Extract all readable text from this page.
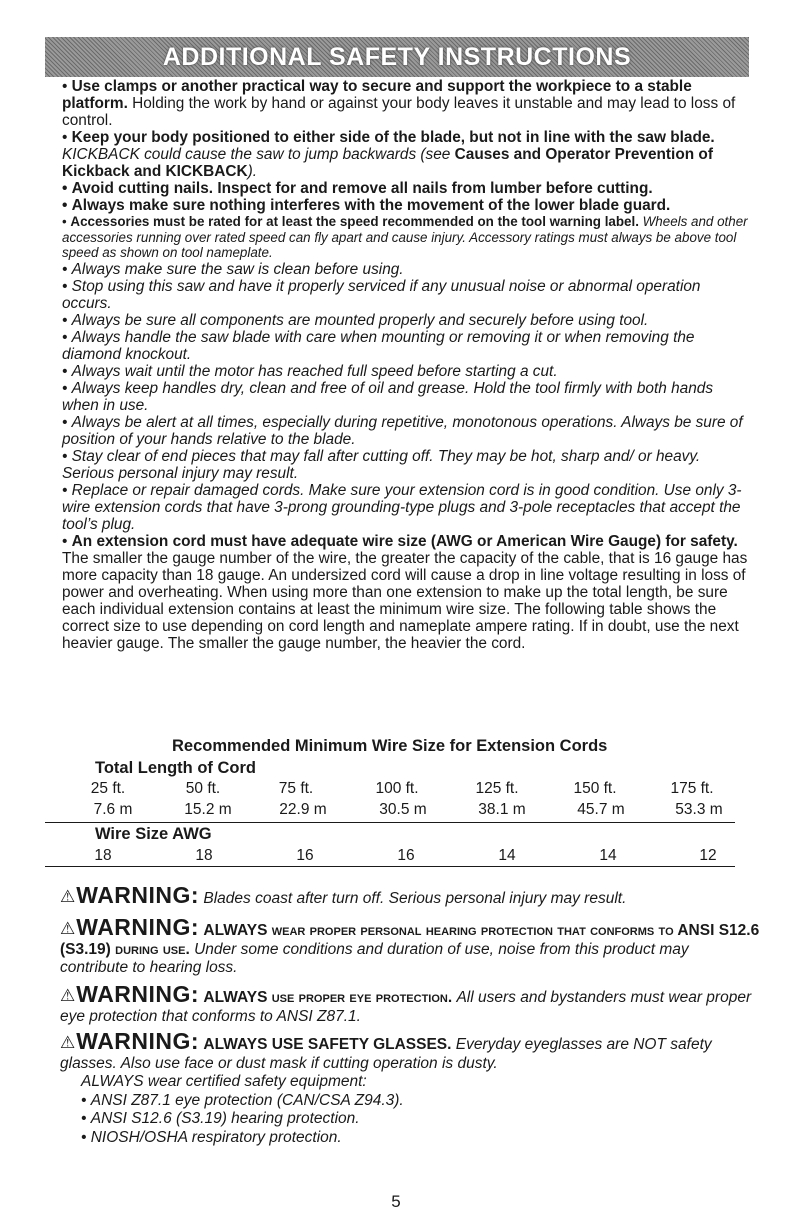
ADDITIONAL SAFETY INSTRUCTIONS

• Use clamps or another practical way to secure and support the workpiece to a stable platform. Holding the work by hand or against your body leaves it unstable and may lead to loss of control.

• Keep your body positioned to either side of the blade, but not in line with the saw blade. KICKBACK could cause the saw to jump backwards (see Causes and Operator Prevention of Kickback and KICKBACK).

• Avoid cutting nails. Inspect for and remove all nails from lumber before cutting.

• Always make sure nothing interferes with the movement of the lower blade guard.

• Accessories must be rated for at least the speed recommended on the tool warning label. Wheels and other accessories running over rated speed can fly apart and cause injury. Accessory ratings must always be above tool speed as shown on tool nameplate.

• Always make sure the saw is clean before using.

• Stop using this saw and have it properly serviced if any unusual noise or abnormal operation occurs.

• Always be sure all components are mounted properly and securely before using tool.

• Always handle the saw blade with care when mounting or removing it or when removing the diamond knockout.

• Always wait until the motor has reached full speed before starting a cut.

• Always keep handles dry, clean and free of oil and grease. Hold the tool firmly with both hands when in use.

• Always be alert at all times, especially during repetitive, monotonous operations. Always be sure of position of your hands relative to the blade.

• Stay clear of end pieces that may fall after cutting off. They may be hot, sharp and/ or heavy. Serious personal injury may result.

• Replace or repair damaged cords. Make sure your extension cord is in good condition. Use only 3-wire extension cords that have 3-prong grounding-type plugs and 3-pole receptacles that accept the tool’s plug.

• An extension cord must have adequate wire size (AWG or American Wire Gauge) for safety. The smaller the gauge number of the wire, the greater the capacity of the cable, that is 16 gauge has more capacity than 18 gauge. An undersized cord will cause a drop in line voltage resulting in loss of power and overheating. When using more than one extension to make up the total length, be sure each individual extension contains at least the minimum wire size. The following table shows the correct size to use depending on cord length and nameplate ampere rating. If in doubt, use the next heavier gauge. The smaller the gauge number, the heavier the cord.

Recommended Minimum Wire Size for Extension Cords
Total Length of Cord
25 ft.	50 ft.	75 ft.	100 ft.	125 ft.	150 ft.	175 ft.
7.6 m	15.2 m	22.9 m	30.5 m	38.1 m	45.7 m	53.3 m
Wire Size AWG
18	18	16	16	14	14	12
⚠WARNING: Blades coast after turn off. Serious personal injury may result.
⚠WARNING: ALWAYS wear proper personal hearing protection that conforms to ANSI S12.6 (S3.19) during use. Under some conditions and duration of use, noise from this product may contribute to hearing loss.
⚠WARNING: ALWAYS use proper eye protection. All users and bystanders must wear proper eye protection that conforms to ANSI Z87.1.
⚠WARNING: ALWAYS USE SAFETY GLASSES. Everyday eyeglasses are NOT safety glasses. Also use face or dust mask if cutting operation is dusty.
ALWAYS wear certified safety equipment:
• ANSI Z87.1 eye protection (CAN/CSA Z94.3).
• ANSI S12.6 (S3.19) hearing protection.
• NIOSH/OSHA respiratory protection.
5
